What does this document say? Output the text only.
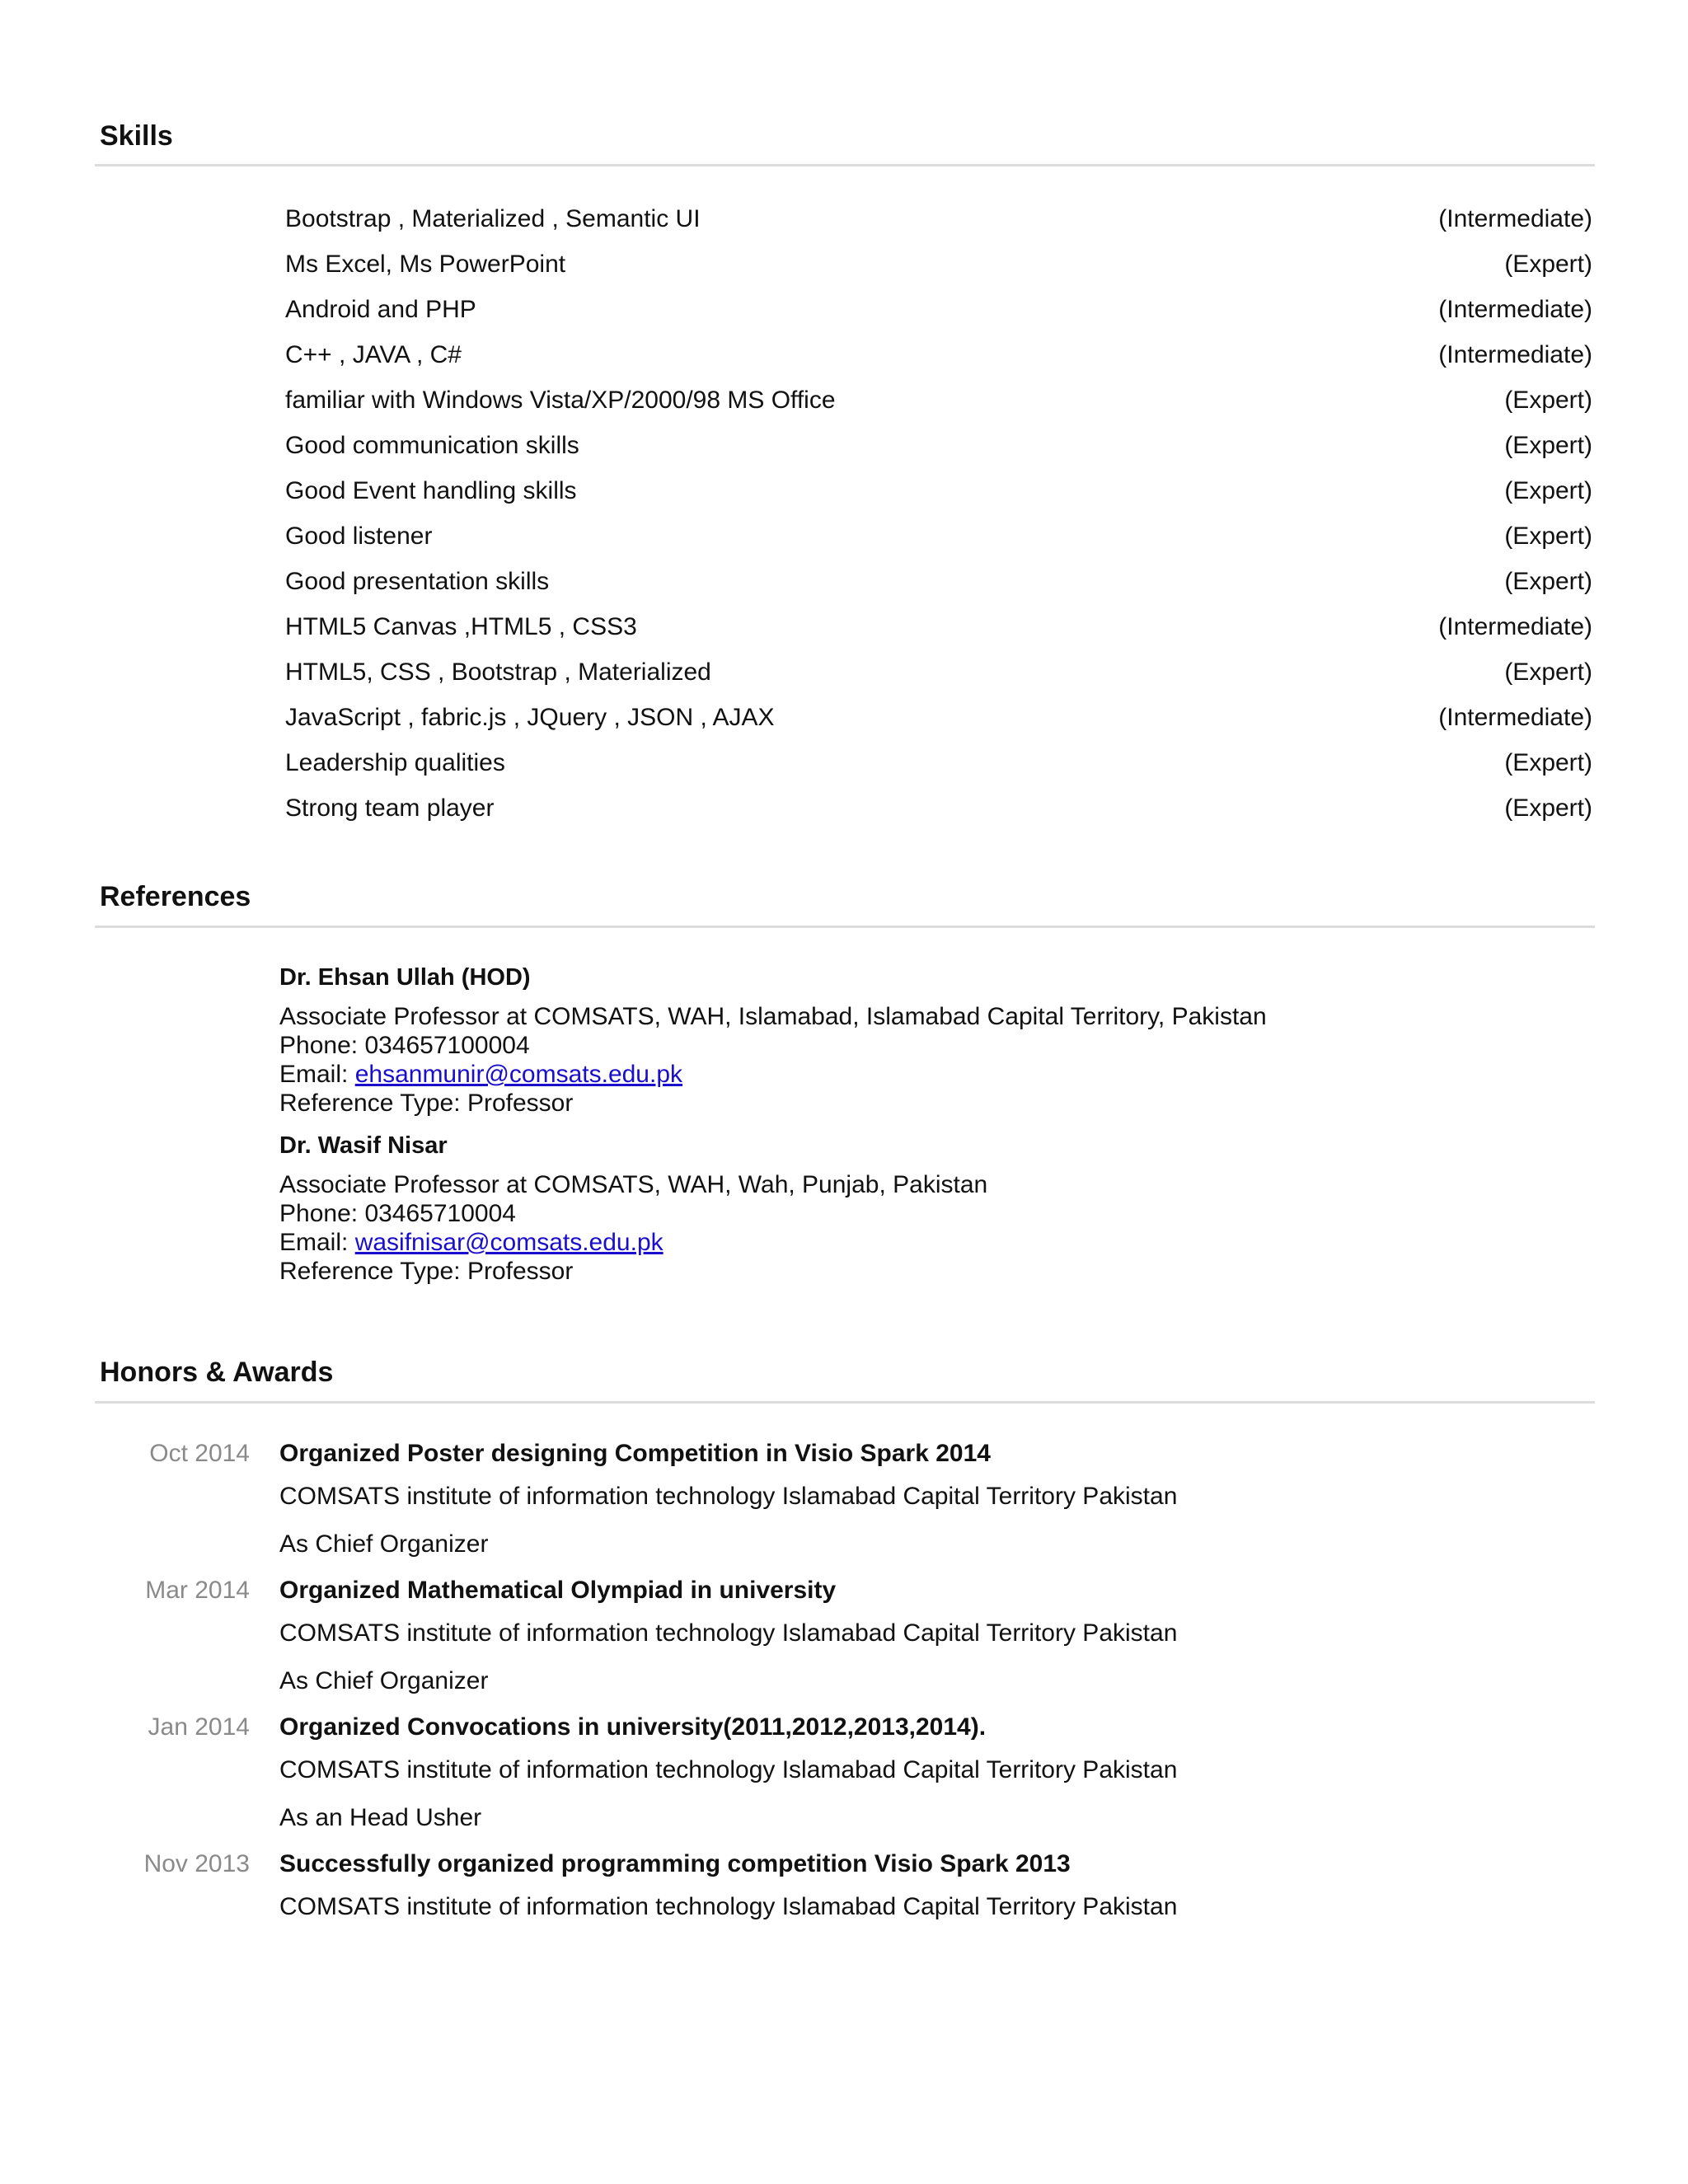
Skills
Bootstrap , Materialized , Semantic UI	(Intermediate)
Ms Excel, Ms PowerPoint	(Expert)
Android and PHP	(Intermediate)
C++ , JAVA , C#	(Intermediate)
familiar with Windows Vista/XP/2000/98 MS Office	(Expert)
Good communication skills	(Expert)
Good Event handling skills	(Expert)
Good listener	(Expert)
Good presentation skills	(Expert)
HTML5 Canvas ,HTML5 , CSS3	(Intermediate)
HTML5, CSS , Bootstrap , Materialized	(Expert)
JavaScript , fabric.js , JQuery , JSON , AJAX	(Intermediate)
Leadership qualities	(Expert)
Strong team player	(Expert)
References
Dr. Ehsan Ullah (HOD)
Associate Professor at COMSATS, WAH, Islamabad, Islamabad Capital Territory, Pakistan
Phone: 034657100004
Email: ehsanmunir@comsats.edu.pk
Reference Type: Professor
Dr. Wasif Nisar
Associate Professor at COMSATS, WAH, Wah, Punjab, Pakistan
Phone: 03465710004
Email: wasifnisar@comsats.edu.pk
Reference Type: Professor
Honors & Awards
Oct 2014 Organized Poster designing Competition in Visio Spark 2014
COMSATS institute of information technology Islamabad Capital Territory Pakistan
As Chief Organizer
Mar 2014 Organized Mathematical Olympiad in university
COMSATS institute of information technology Islamabad Capital Territory Pakistan
As Chief Organizer
Jan 2014 Organized Convocations in university(2011,2012,2013,2014).
COMSATS institute of information technology Islamabad Capital Territory Pakistan
As an Head Usher
Nov 2013 Successfully organized programming competition Visio Spark 2013
COMSATS institute of information technology Islamabad Capital Territory Pakistan
